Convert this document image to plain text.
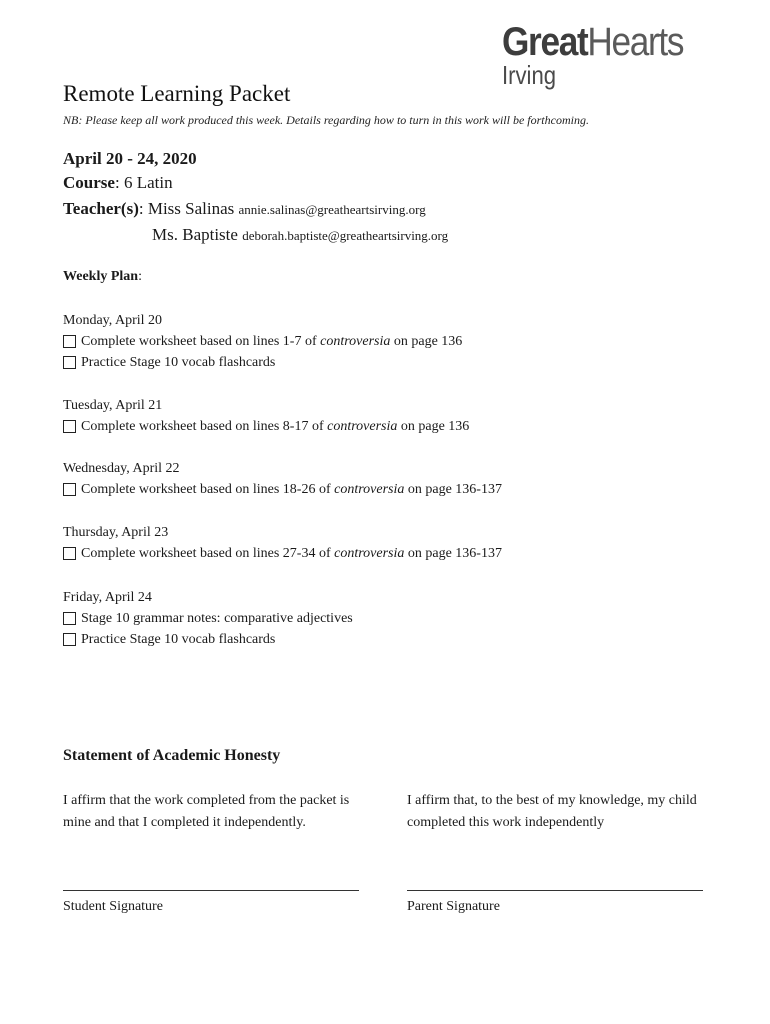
GreatHearts
Irving
Remote Learning Packet
NB: Please keep all work produced this week. Details regarding how to turn in this work will be forthcoming.
April 20 - 24, 2020
Course: 6 Latin
Teacher(s): Miss Salinas annie.salinas@greatheartsirving.org
Ms. Baptiste deborah.baptiste@greatheartsirving.org
Weekly Plan:
Monday, April 20
Complete worksheet based on lines 1-7 of controversia on page 136
Practice Stage 10 vocab flashcards
Tuesday, April 21
Complete worksheet based on lines 8-17 of controversia on page 136
Wednesday, April 22
Complete worksheet based on lines 18-26 of controversia on page 136-137
Thursday, April 23
Complete worksheet based on lines 27-34 of controversia on page 136-137
Friday, April 24
Stage 10 grammar notes: comparative adjectives
Practice Stage 10 vocab flashcards
Statement of Academic Honesty
I affirm that the work completed from the packet is mine and that I completed it independently.
I affirm that, to the best of my knowledge, my child completed this work independently
Student Signature	Parent Signature
